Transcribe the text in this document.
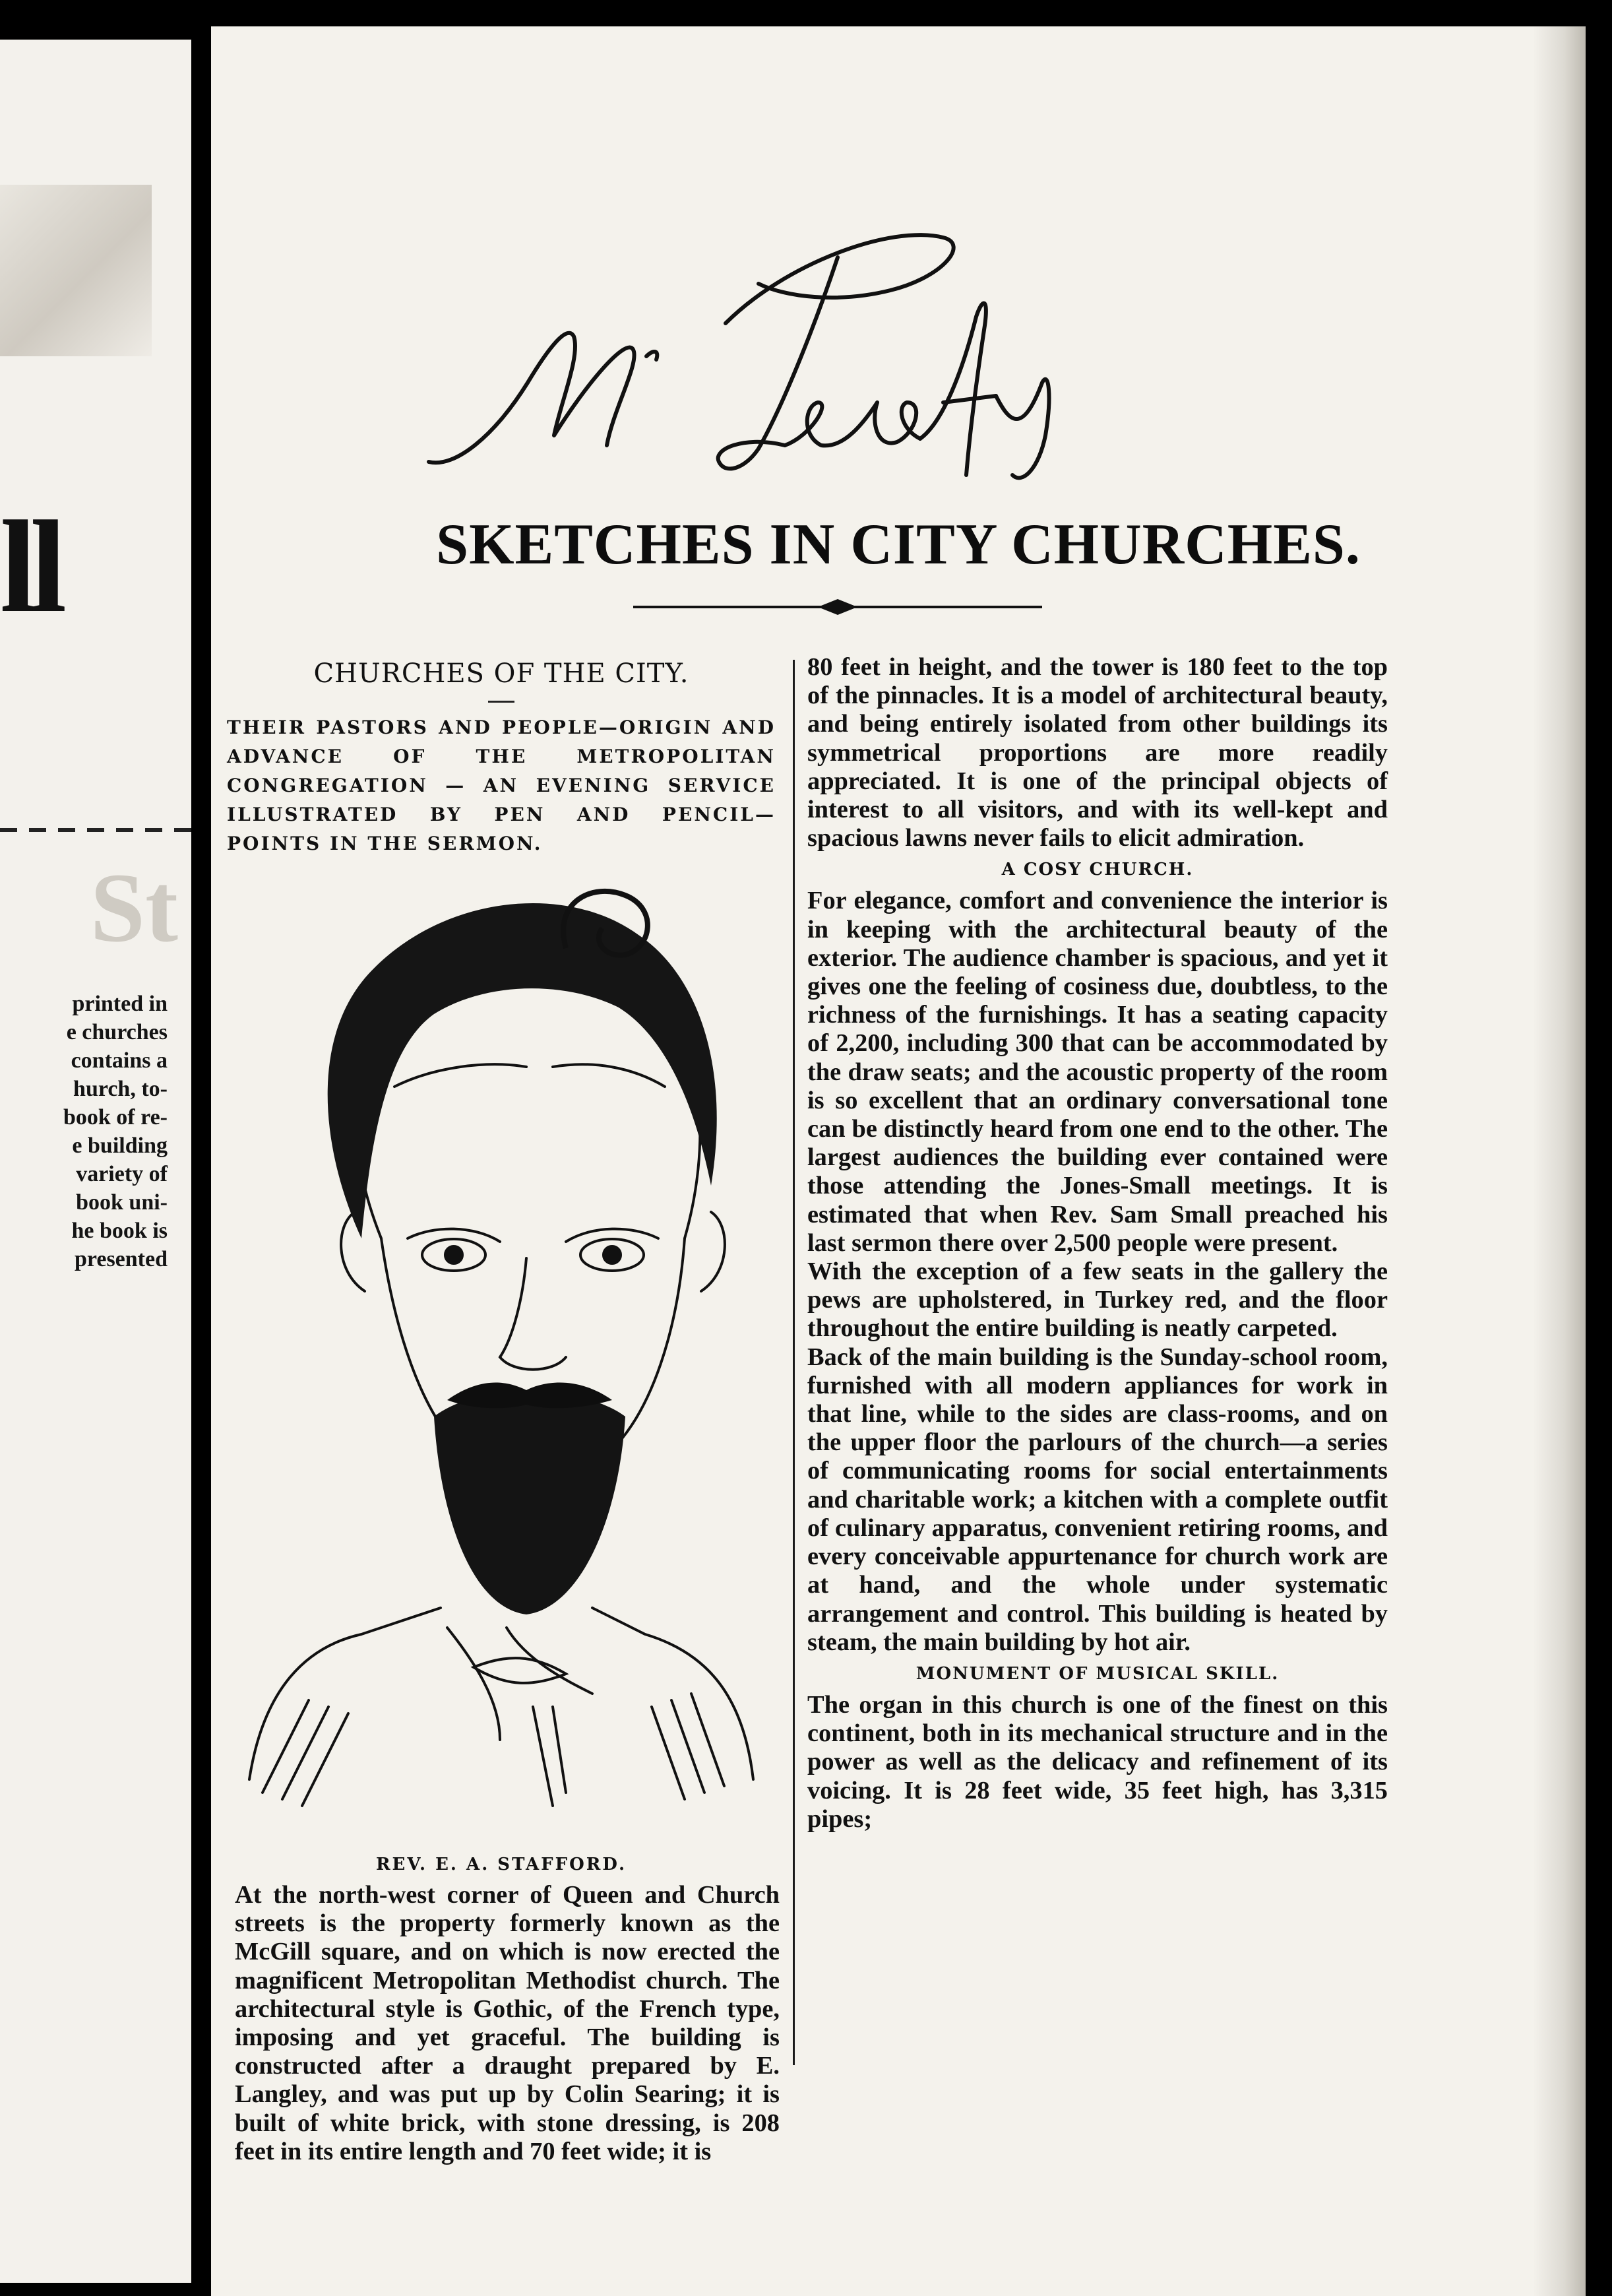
ll
St
printed in
e churches
contains a
hurch, to-
book of re-
e building
variety of
book uni-
he book is
presented
SKETCHES IN CITY CHURCHES.
CHURCHES OF THE CITY.
THEIR PASTORS AND PEOPLE—ORIGIN AND ADVANCE OF THE METROPOLITAN CONGREGATION — AN EVENING SERVICE ILLUSTRATED BY PEN AND PENCIL—POINTS IN THE SERMON.
REV. E. A. STAFFORD.

At the north-west corner of Queen and Church streets is the property formerly known as the McGill square, and on which is now erected the magnificent Metropolitan Methodist church. The architectural style is Gothic, of the French type, imposing and yet graceful. The building is constructed after a draught prepared by E. Langley, and was put up by Colin Searing; it is built of white brick, with stone dressing, is 208 feet in its entire length and 70 feet wide; it is

80 feet in height, and the tower is 180 feet to the top of the pinnacles. It is a model of architectural beauty, and being entirely isolated from other buildings its symmetrical proportions are more readily appreciated. It is one of the principal objects of interest to all visitors, and with its well-kept and spacious lawns never fails to elicit admiration.

A COSY CHURCH.

For elegance, comfort and convenience the interior is in keeping with the architectural beauty of the exterior. The audience chamber is spacious, and yet it gives one the feeling of cosiness due, doubtless, to the richness of the furnishings. It has a seating capacity of 2,200, including 300 that can be accommodated by the draw seats; and the acoustic property of the room is so excellent that an ordinary conversational tone can be distinctly heard from one end to the other. The largest audiences the building ever contained were those attending the Jones-Small meetings. It is estimated that when Rev. Sam Small preached his last sermon there over 2,500 people were present.

With the exception of a few seats in the gallery the pews are upholstered, in Turkey red, and the floor throughout the entire building is neatly carpeted.

Back of the main building is the Sunday-school room, furnished with all modern appliances for work in that line, while to the sides are class-rooms, and on the upper floor the parlours of the church—a series of communicating rooms for social entertainments and charitable work; a kitchen with a complete outfit of culinary apparatus, convenient retiring rooms, and every conceivable appurtenance for church work are at hand, and the whole under systematic arrangement and control. This building is heated by steam, the main building by hot air.

MONUMENT OF MUSICAL SKILL.

The organ in this church is one of the finest on this continent, both in its mechanical structure and in the power as well as the delicacy and refinement of its voicing. It is 28 feet wide, 35 feet high, has 3,315 pipes;
